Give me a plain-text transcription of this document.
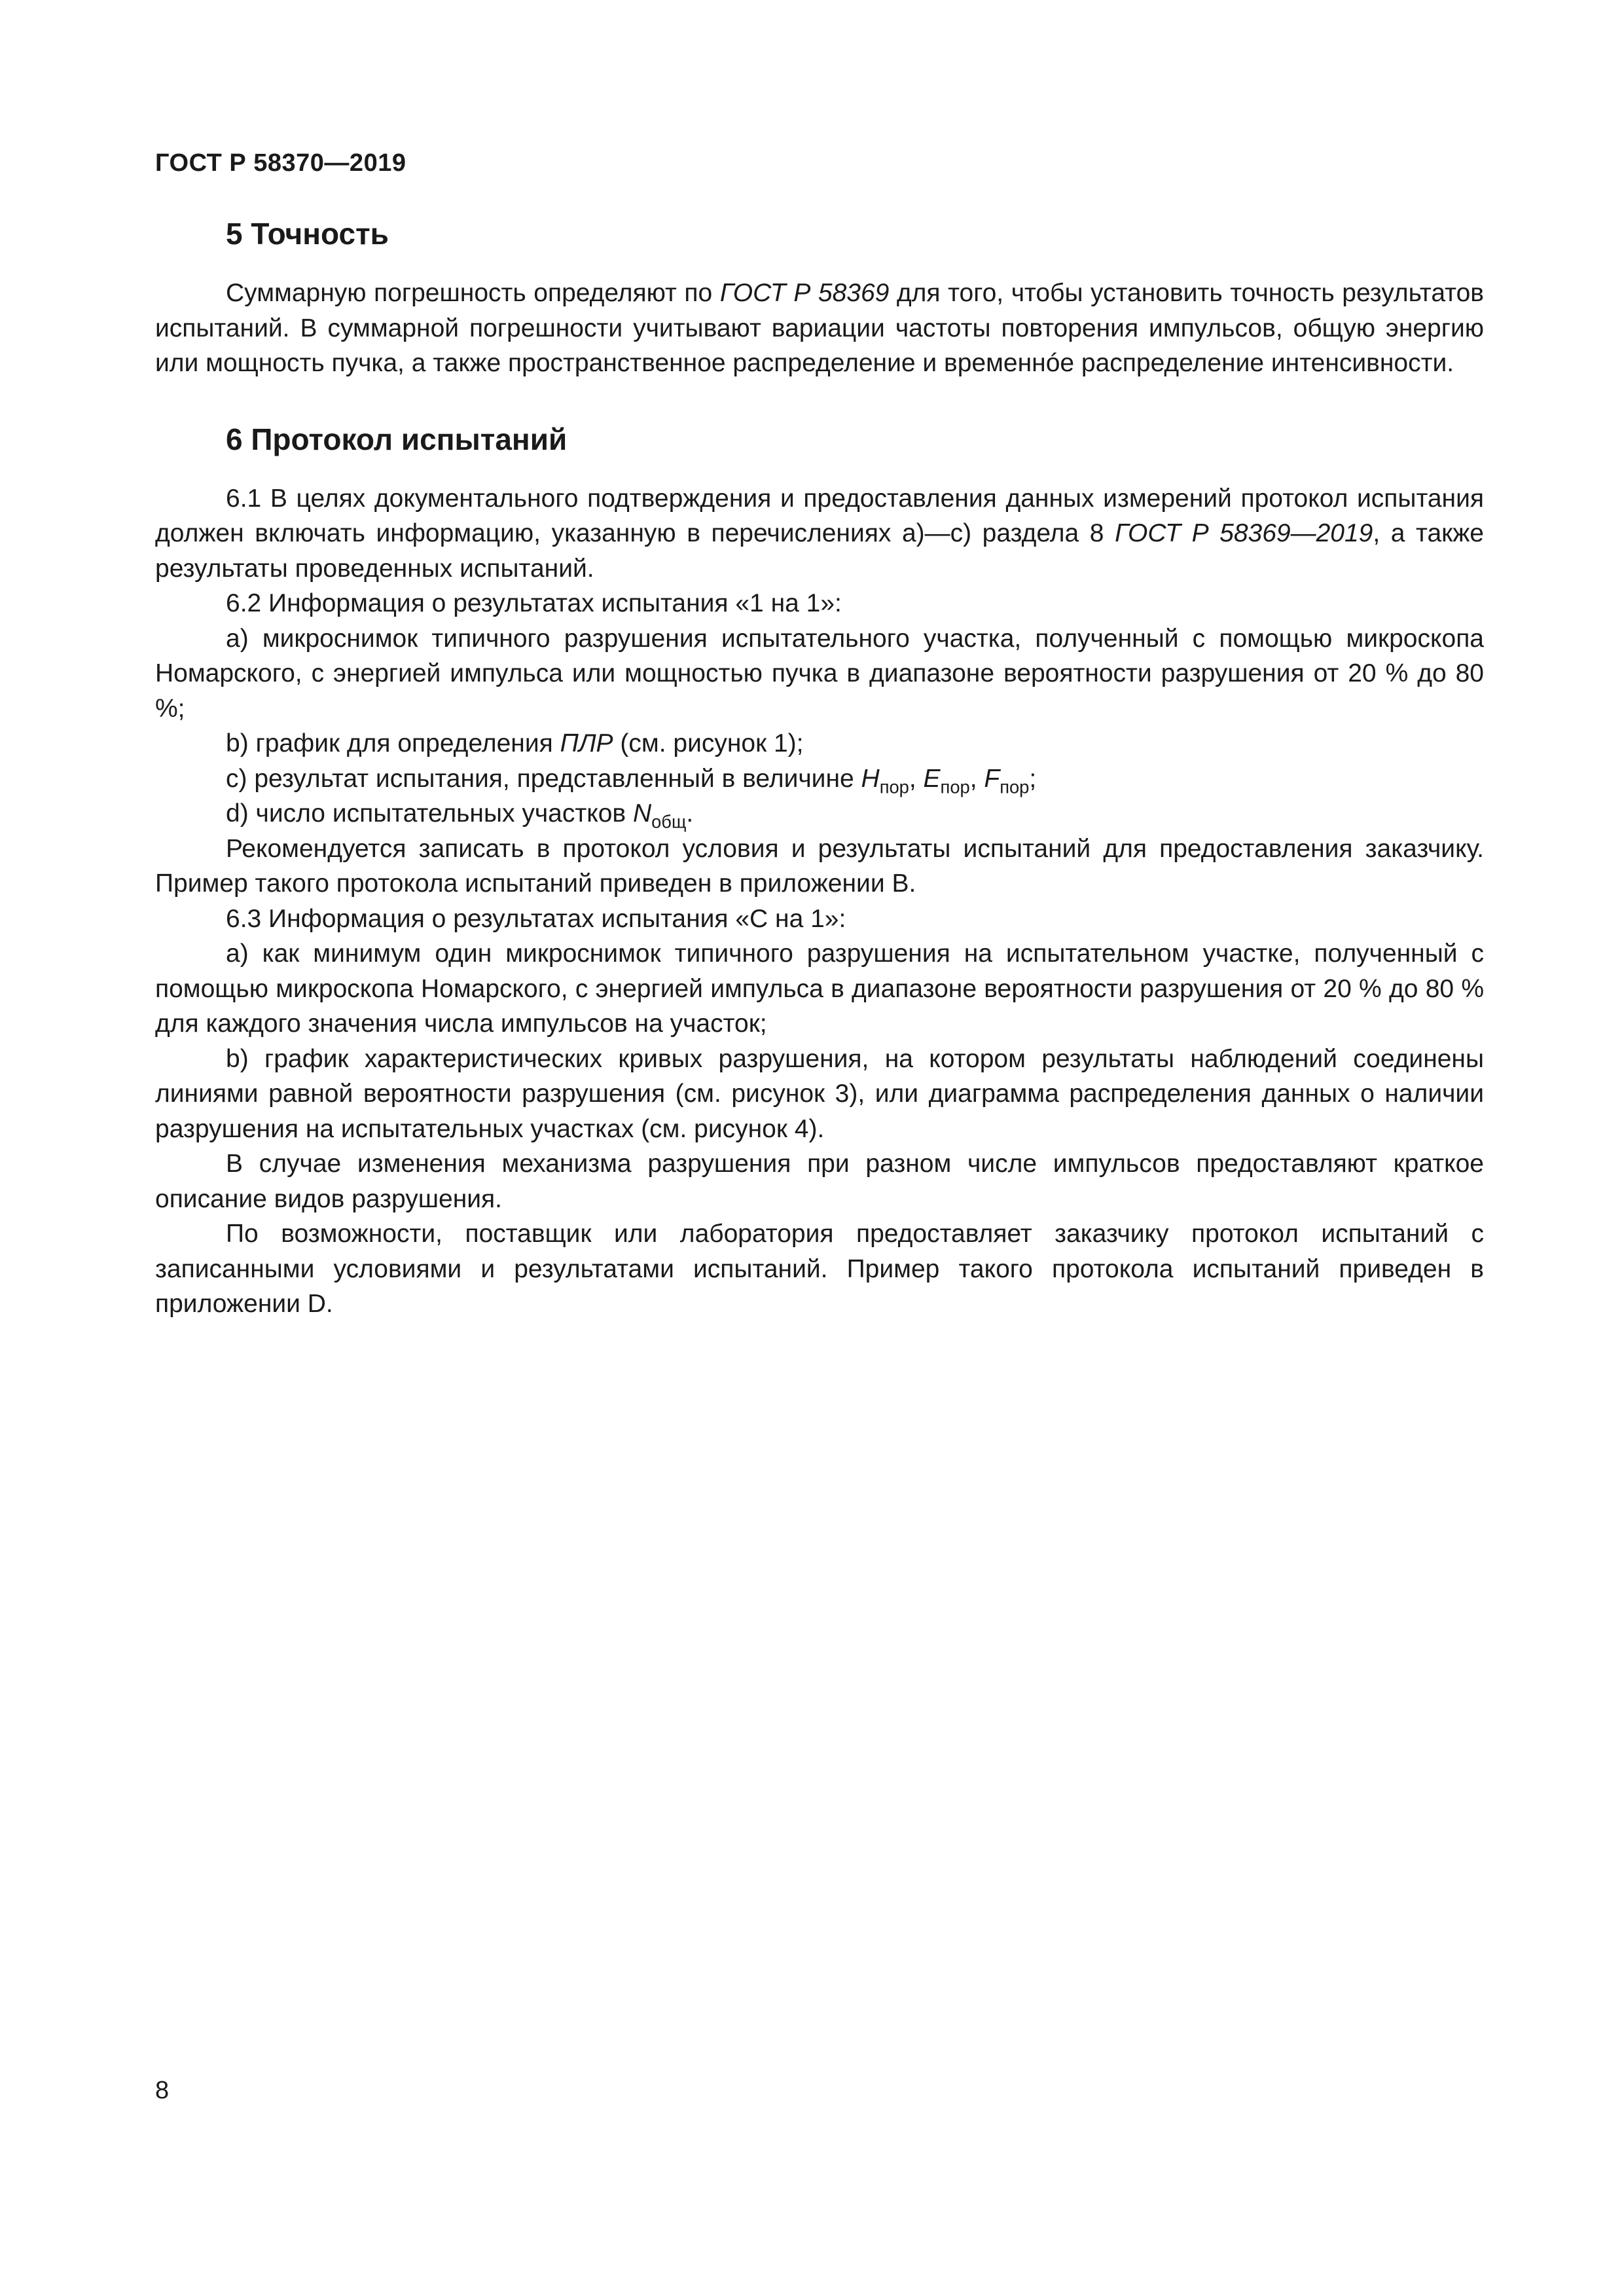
ГОСТ Р 58370—2019
5 Точность

Суммарную погрешность определяют по ГОСТ Р 58369 для того, чтобы установить точность результатов испытаний. В суммарной погрешности учитывают вариации частоты повторения импульсов, общую энергию или мощность пучка, а также пространственное распределение и временнóе распределение интенсивности.

6 Протокол испытаний

6.1 В целях документального подтверждения и предоставления данных измерений протокол испытания должен включать информацию, указанную в перечислениях a)—c) раздела 8 ГОСТ Р 58369—2019, а также результаты проведенных испытаний.

6.2 Информация о результатах испытания «1 на 1»:

a) микроснимок типичного разрушения испытательного участка, полученный с помощью микроскопа Номарского, с энергией импульса или мощностью пучка в диапазоне вероятности разрушения от 20 % до 80 %;

b) график для определения ПЛР (см. рисунок 1);

c) результат испытания, представленный в величине $H_{пор}$, $E_{пор}$, $F_{пор}$;

d) число испытательных участков $N_{общ}$.

Рекомендуется записать в протокол условия и результаты испытаний для предоставления заказчику. Пример такого протокола испытаний приведен в приложении B.

6.3 Информация о результатах испытания «С на 1»:

a) как минимум один микроснимок типичного разрушения на испытательном участке, полученный с помощью микроскопа Номарского, с энергией импульса в диапазоне вероятности разрушения от 20 % до 80 % для каждого значения числа импульсов на участок;

b) график характеристических кривых разрушения, на котором результаты наблюдений соединены линиями равной вероятности разрушения (см. рисунок 3), или диаграмма распределения данных о наличии разрушения на испытательных участках (см. рисунок 4).

В случае изменения механизма разрушения при разном числе импульсов предоставляют краткое описание видов разрушения.

По возможности, поставщик или лаборатория предоставляет заказчику протокол испытаний с записанными условиями и результатами испытаний. Пример такого протокола испытаний приведен в приложении D.

8
